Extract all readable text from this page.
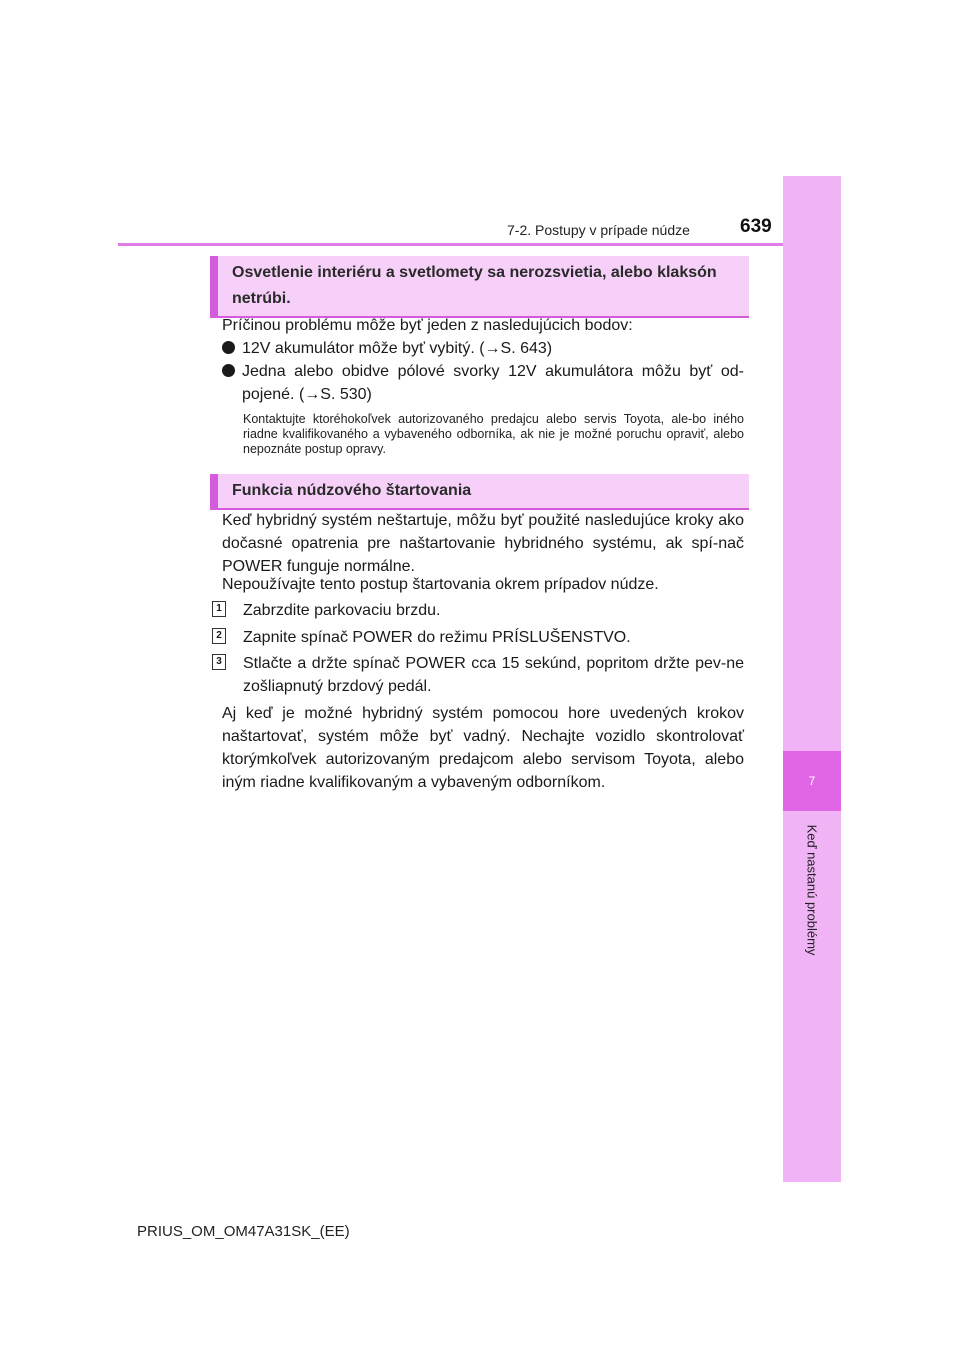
7
Keď nastanú problémy
7-2. Postupy v prípade núdze	639
Osvetlenie interiéru a svetlomety sa nerozsvietia, alebo klaksón netrúbi.
Príčinou problému môže byť jeden z nasledujúcich bodov:
12V akumulátor môže byť vybitý. (→S. 643)
Jedna alebo obidve pólové svorky 12V akumulátora môžu byť od-pojené. (→S. 530)
Kontaktujte ktoréhokoľvek autorizovaného predajcu alebo servis Toyota, ale-bo iného riadne kvalifikovaného a vybaveného odborníka, ak nie je možné poruchu opraviť, alebo nepoznáte postup opravy.
Funkcia núdzového štartovania
Keď hybridný systém neštartuje, môžu byť použité nasledujúce kroky ako dočasné opatrenia pre naštartovanie hybridného systému, ak spí-nač POWER funguje normálne.
Nepoužívajte tento postup štartovania okrem prípadov núdze.
1 Zabrzdite parkovaciu brzdu.
2 Zapnite spínač POWER do režimu PRÍSLUŠENSTVO.
3 Stlačte a držte spínač POWER cca 15 sekúnd, popritom držte pev-ne zošliapnutý brzdový pedál.
Aj keď je možné hybridný systém pomocou hore uvedených krokov naštartovať, systém môže byť vadný. Nechajte vozidlo skontrolovať ktorýmkoľvek autorizovaným predajcom alebo servisom Toyota, alebo iným riadne kvalifikovaným a vybaveným odborníkom.
PRIUS_OM_OM47A31SK_(EE)
